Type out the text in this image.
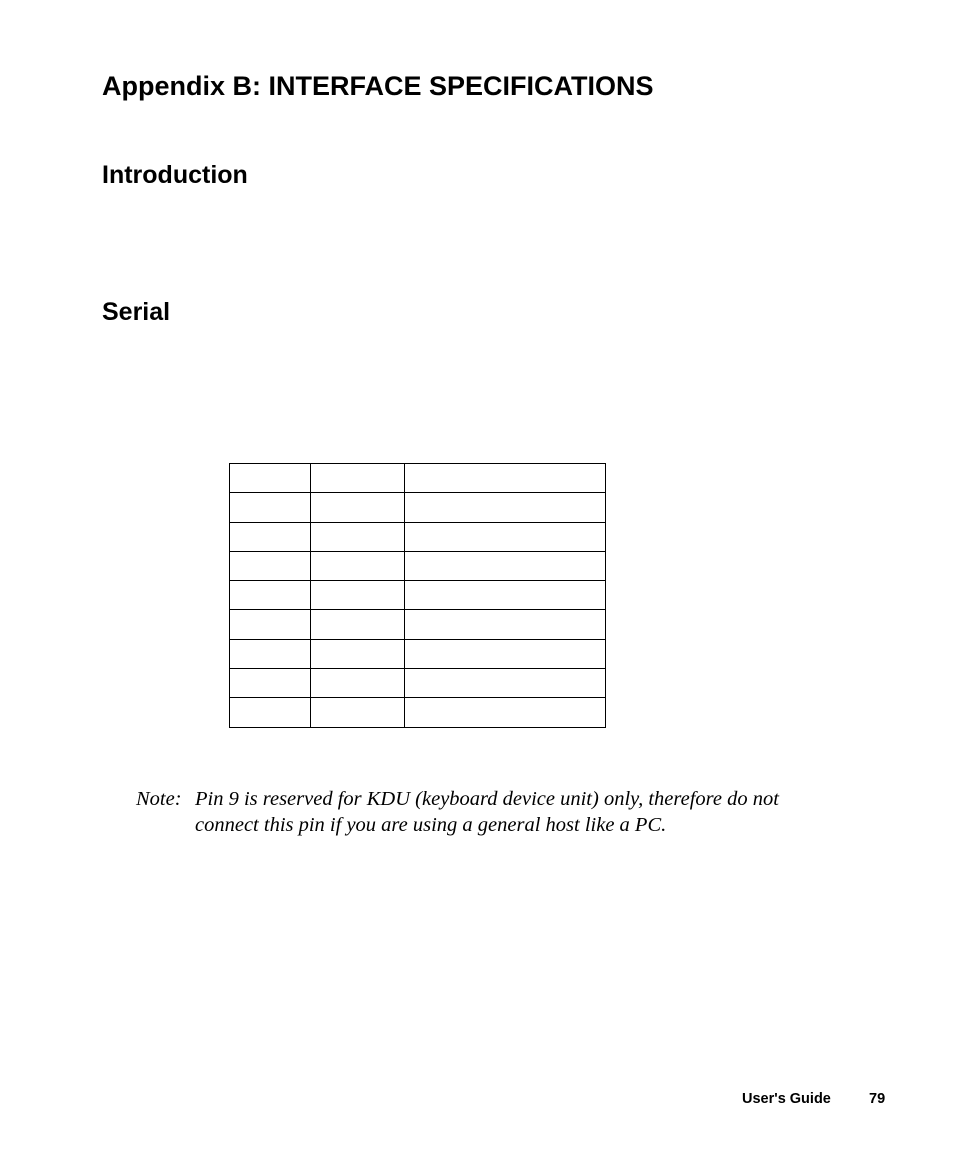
Appendix B: INTERFACE SPECIFICATIONS
Introduction
Serial

Note: Pin 9 is reserved for KDU (keyboard device unit) only, therefore do not
connect this pin if you are using a general host like a PC.
User's Guide	79
